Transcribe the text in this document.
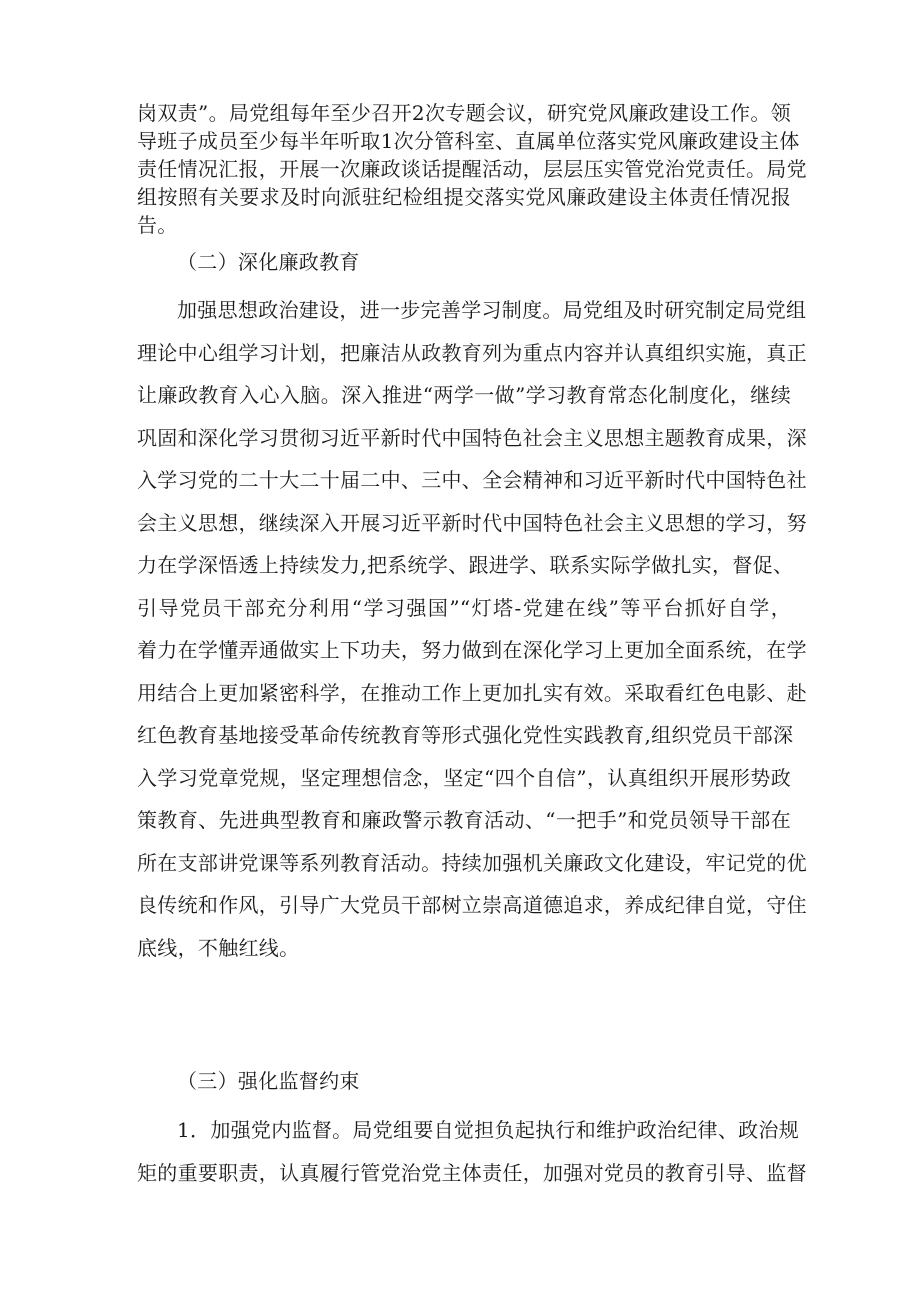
岗双责”。局党组每年至少召开2次专题会议，研究党风廉政建设工作。领
导班子成员至少每半年听取1次分管科室、直属单位落实党风廉政建设主体
责任情况汇报，开展一次廉政谈话提醒活动，层层压实管党治党责任。局党
组按照有关要求及时向派驻纪检组提交落实党风廉政建设主体责任情况报
告。

（二）深化廉政教育

加强思想政治建设，进一步完善学习制度。局党组及时研究制定局党组
理论中心组学习计划，把廉洁从政教育列为重点内容并认真组织实施，真正
让廉政教育入心入脑。深入推进“两学一做”学习教育常态化制度化，继续
巩固和深化学习贯彻习近平新时代中国特色社会主义思想主题教育成果，深
入学习党的二十大二十届二中、三中、全会精神和习近平新时代中国特色社
会主义思想，继续深入开展习近平新时代中国特色社会主义思想的学习，努
力在学深悟透上持续发力,把系统学、跟进学、联系实际学做扎实，督促、
引导党员干部充分利用“学习强国”“灯塔-党建在线”等平台抓好自学，
着力在学懂弄通做实上下功夫，努力做到在深化学习上更加全面系统，在学
用结合上更加紧密科学，在推动工作上更加扎实有效。采取看红色电影、赴
红色教育基地接受革命传统教育等形式强化党性实践教育,组织党员干部深
入学习党章党规，坚定理想信念，坚定“四个自信”，认真组织开展形势政
策教育、先进典型教育和廉政警示教育活动、“一把手”和党员领导干部在
所在支部讲党课等系列教育活动。持续加强机关廉政文化建设，牢记党的优
良传统和作风，引导广大党员干部树立崇高道德追求，养成纪律自觉，守住
底线，不触红线。

（三）强化监督约束

1．加强党内监督。局党组要自觉担负起执行和维护政治纪律、政治规
矩的重要职责，认真履行管党治党主体责任，加强对党员的教育引导、监督
